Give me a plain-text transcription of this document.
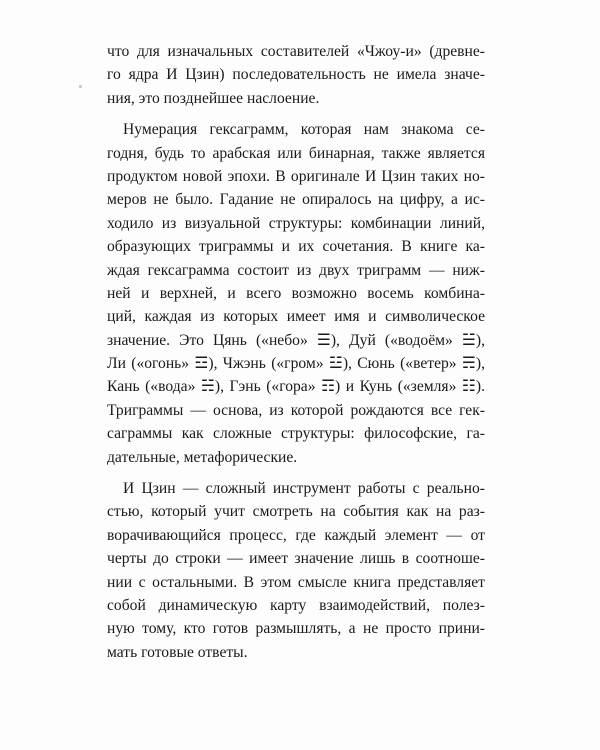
что для изначальных составителей «Чжоу-и» (древне-
го ядра И Цзин) последовательность не имела значе-
ния, это позднейшее наслоение.
Нумерация гексаграмм, которая нам знакома се-
годня, будь то арабская или бинарная, также является
продуктом новой эпохи. В оригинале И Цзин таких но-
меров не было. Гадание не опиралось на цифру, а ис-
ходило из визуальной структуры: комбинации линий,
образующих триграммы и их сочетания. В книге ка-
ждая гексаграмма состоит из двух триграмм — ниж-
ней и верхней, и всего возможно восемь комбина-
ций, каждая из которых имеет имя и символическое
значение. Это Цянь («небо» ☰), Дуй («водоём» ☱),
Ли («огонь» ☲), Чжэнь («гром» ☳), Сюнь («ветер» ☴),
Кань («вода» ☵), Гэнь («гора» ☶) и Кунь («земля» ☷).
Триграммы — основа, из которой рождаются все гек-
саграммы как сложные структуры: философские, га-
дательные, метафорические.
И Цзин — сложный инструмент работы с реально-
стью, который учит смотреть на события как на раз-
ворачивающийся процесс, где каждый элемент — от
черты до строки — имеет значение лишь в соотноше-
нии с остальными. В этом смысле книга представляет
собой динамическую карту взаимодействий, полез-
ную тому, кто готов размышлять, а не просто прини-
мать готовые ответы.
